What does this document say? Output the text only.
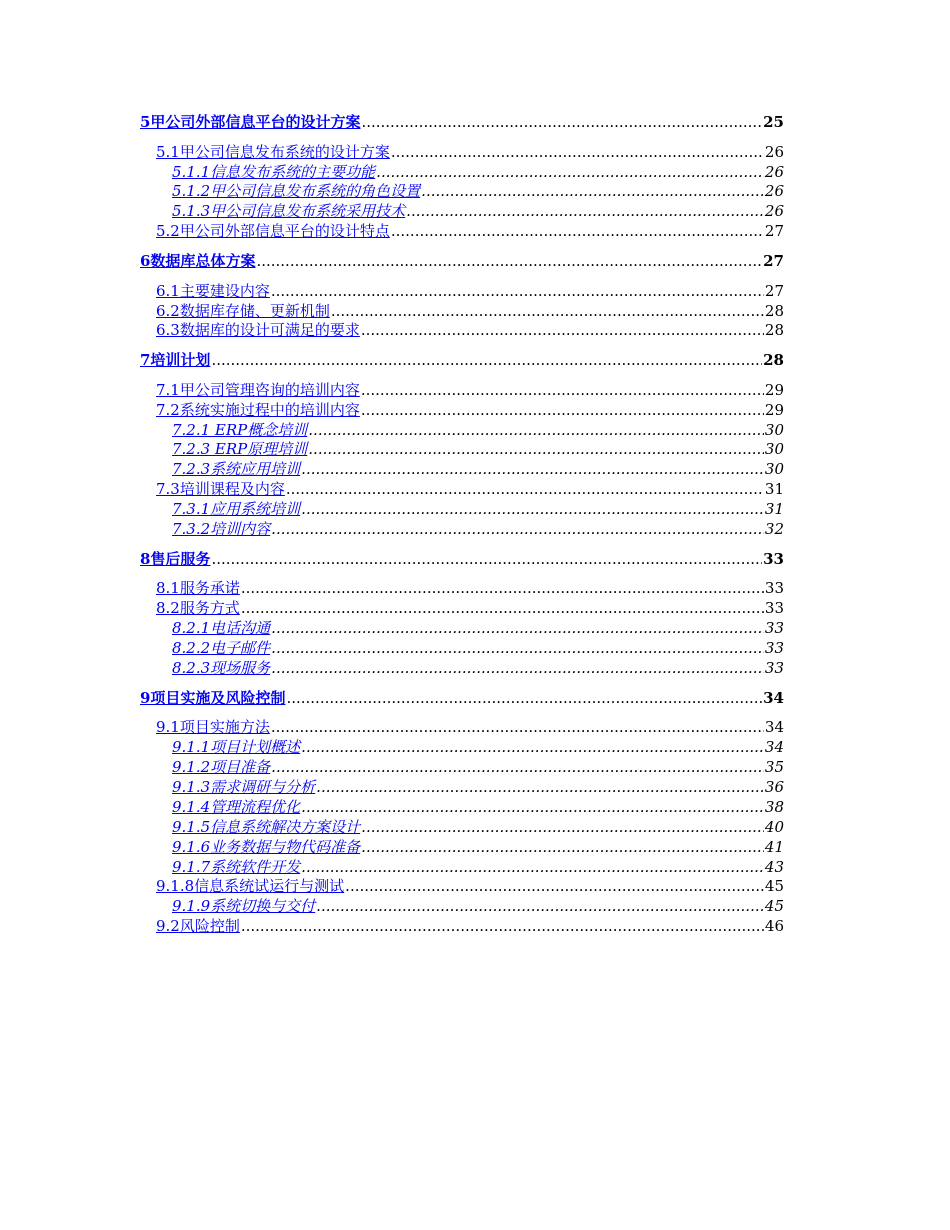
5甲公司外部信息平台的设计方案 .....	25
5.1甲公司信息发布系统的设计方案 .....	26
5.1.1信息发布系统的主要功能 .....	26
5.1.2甲公司信息发布系统的角色设置 .....	26
5.1.3甲公司信息发布系统采用技术 .....	26
5.2甲公司外部信息平台的设计特点 .....	27
6数据库总体方案 .....	27
6.1主要建设内容 .....	27
6.2数据库存储、更新机制 .....	28
6.3数据库的设计可满足的要求 .....	28
7培训计划 .....	28
7.1甲公司管理咨询的培训内容 .....	29
7.2系统实施过程中的培训内容 .....	29
7.2.1 ERP概念培训 .....	30
7.2.3 ERP原理培训 .....	30
7.2.3系统应用培训 .....	30
7.3培训课程及内容 .....	31
7.3.1应用系统培训 .....	31
7.3.2培训内容 .....	32
8售后服务 .....	33
8.1服务承诺 .....	33
8.2服务方式 .....	33
8.2.1电话沟通 .....	33
8.2.2电子邮件 .....	33
8.2.3现场服务 .....	33
9项目实施及风险控制 .....	34
9.1项目实施方法 .....	34
9.1.1项目计划概述 .....	34
9.1.2项目准备 .....	35
9.1.3需求调研与分析 .....	36
9.1.4管理流程优化 .....	38
9.1.5信息系统解决方案设计 .....	40
9.1.6业务数据与物代码准备 .....	41
9.1.7系统软件开发 .....	43
9.1.8信息系统试运行与测试 .....	45
9.1.9系统切换与交付 .....	45
9.2风险控制 .....	46
